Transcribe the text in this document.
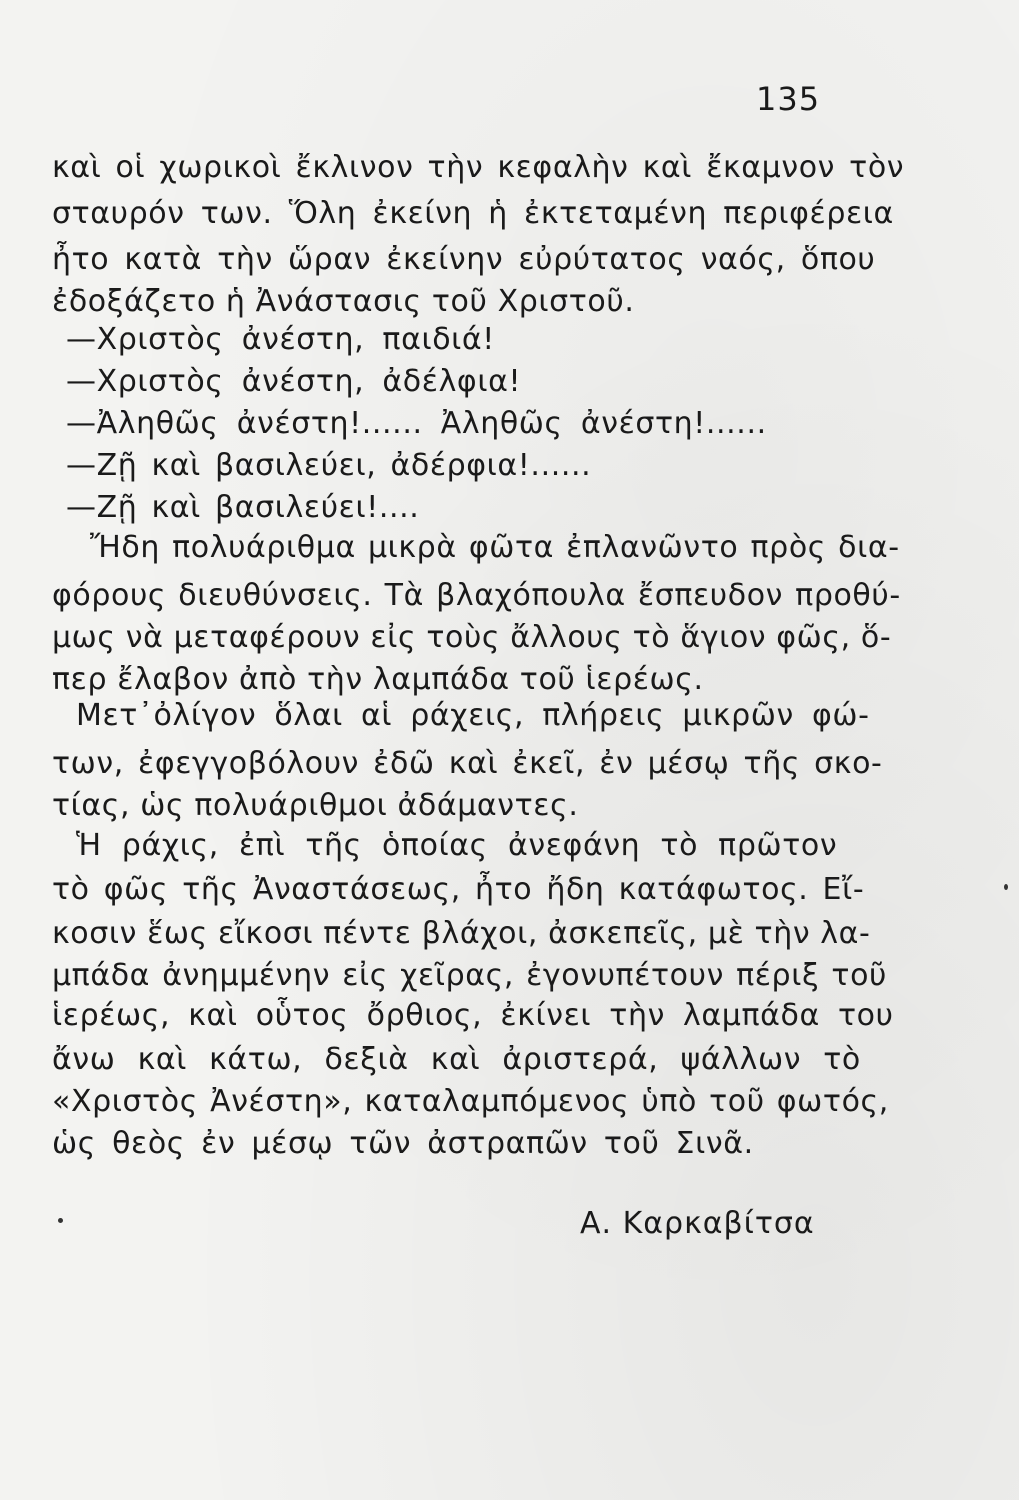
135
καὶ οἱ χωρικοὶ ἔκλινον τὴν κεφαλὴν καὶ ἔκαμνον τὸν
σταυρόν των. Ὅλη ἐκείνη ἡ ἐκτεταμένη περιφέρεια
ἦτο κατὰ τὴν ὥραν ἐκείνην εὐρύτατος ναός, ὅπου
ἐδοξάζετο ἡ Ἀνάστασις τοῦ Χριστοῦ.
—Χριστὸς ἀνέστη, παιδιά!
—Χριστὸς ἀνέστη, ἀδέλφια!
—Ἀληθῶς ἀνέστη!...... Ἀληθῶς ἀνέστη!......
—Ζῇ καὶ βασιλεύει, ἀδέρφια!......
—Ζῇ καὶ βασιλεύει!....
Ἤδη πολυάριθμα μικρὰ φῶτα ἐπλανῶντο πρὸς δια-
φόρους διευθύνσεις. Τὰ βλαχόπουλα ἔσπευδον προθύ-
μως νὰ μεταφέρουν εἰς τοὺς ἄλλους τὸ ἅγιον φῶς, ὅ-
περ ἔλαβον ἀπὸ τὴν λαμπάδα τοῦ ἱερέως.
Μετ᾽ὀλίγον ὅλαι αἱ ράχεις, πλήρεις μικρῶν φώ-
των, ἐφεγγοβόλουν ἐδῶ καὶ ἐκεῖ, ἐν μέσῳ τῆς σκο-
τίας, ὡς πολυάριθμοι ἀδάμαντες.
Ἡ ράχις, ἐπὶ τῆς ὁποίας ἀνεφάνη τὸ πρῶτον
τὸ φῶς τῆς Ἀναστάσεως, ἦτο ἤδη κατάφωτος. Εἴ-
κοσιν ἕως εἴκοσι πέντε βλάχοι, ἀσκεπεῖς, μὲ τὴν λα-
μπάδα ἀνημμένην εἰς χεῖρας, ἐγονυπέτουν πέριξ τοῦ
ἱερέως, καὶ οὗτος ὄρθιος, ἐκίνει τὴν λαμπάδα του
ἄνω καὶ κάτω, δεξιὰ καὶ ἀριστερά, ψάλλων τὸ
«Χριστὸς Ἀνέστη», καταλαμπόμενος ὑπὸ τοῦ φωτός,
ὡς θεὸς ἐν μέσῳ τῶν ἀστραπῶν τοῦ Σινᾶ.
Α. Καρκαβίτσα
